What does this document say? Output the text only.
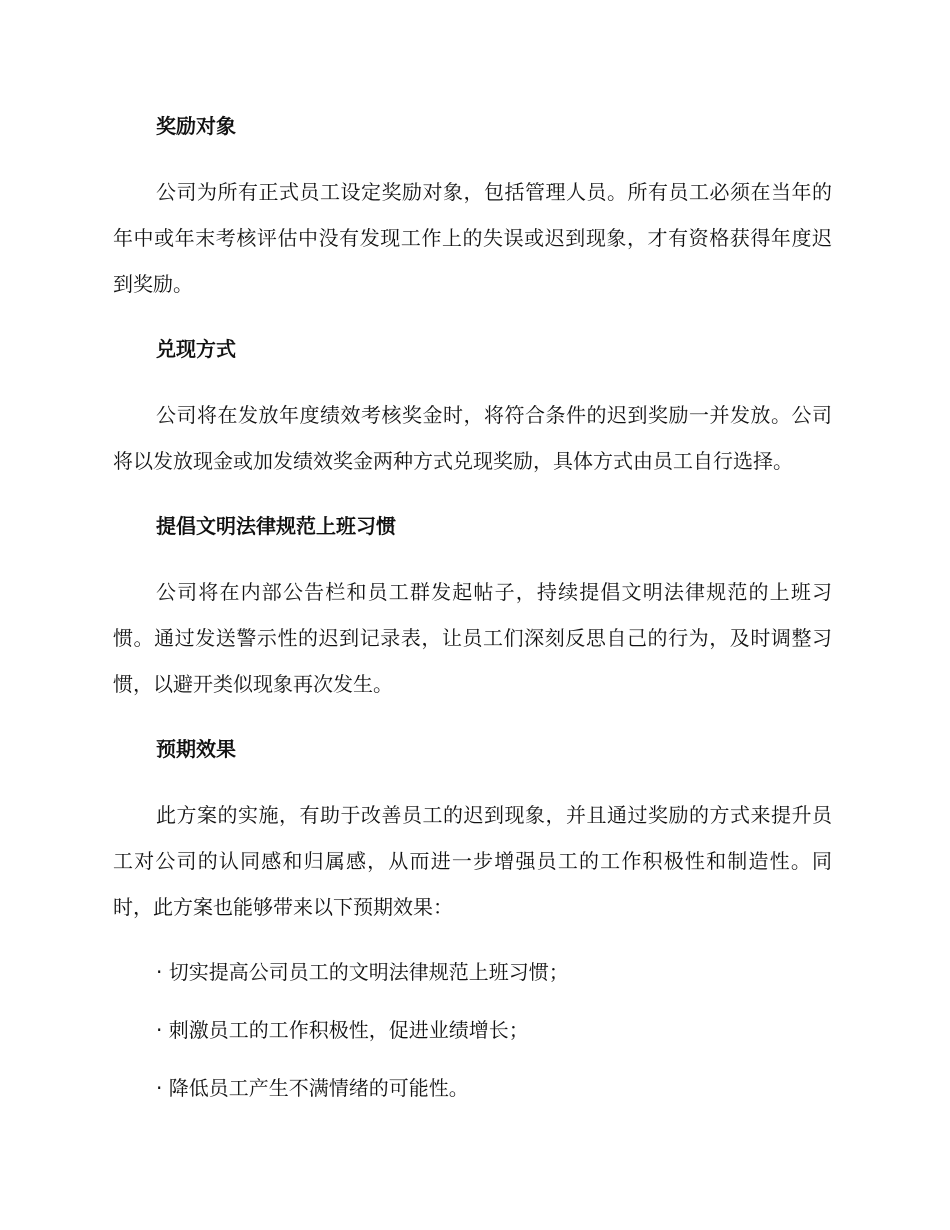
奖励对象

公司为所有正式员工设定奖励对象，包括管理人员。所有员工必须在当年的年中或年末考核评估中没有发现工作上的失误或迟到现象，才有资格获得年度迟到奖励。

兑现方式

公司将在发放年度绩效考核奖金时，将符合条件的迟到奖励一并发放。公司将以发放现金或加发绩效奖金两种方式兑现奖励，具体方式由员工自行选择。

提倡文明法律规范上班习惯

公司将在内部公告栏和员工群发起帖子，持续提倡文明法律规范的上班习惯。通过发送警示性的迟到记录表，让员工们深刻反思自己的行为，及时调整习惯，以避开类似现象再次发生。

预期效果

此方案的实施，有助于改善员工的迟到现象，并且通过奖励的方式来提升员工对公司的认同感和归属感，从而进一步增强员工的工作积极性和制造性。同时，此方案也能够带来以下预期效果：

· 切实提高公司员工的文明法律规范上班习惯；
· 刺激员工的工作积极性，促进业绩增长；
· 降低员工产生不满情绪的可能性。
